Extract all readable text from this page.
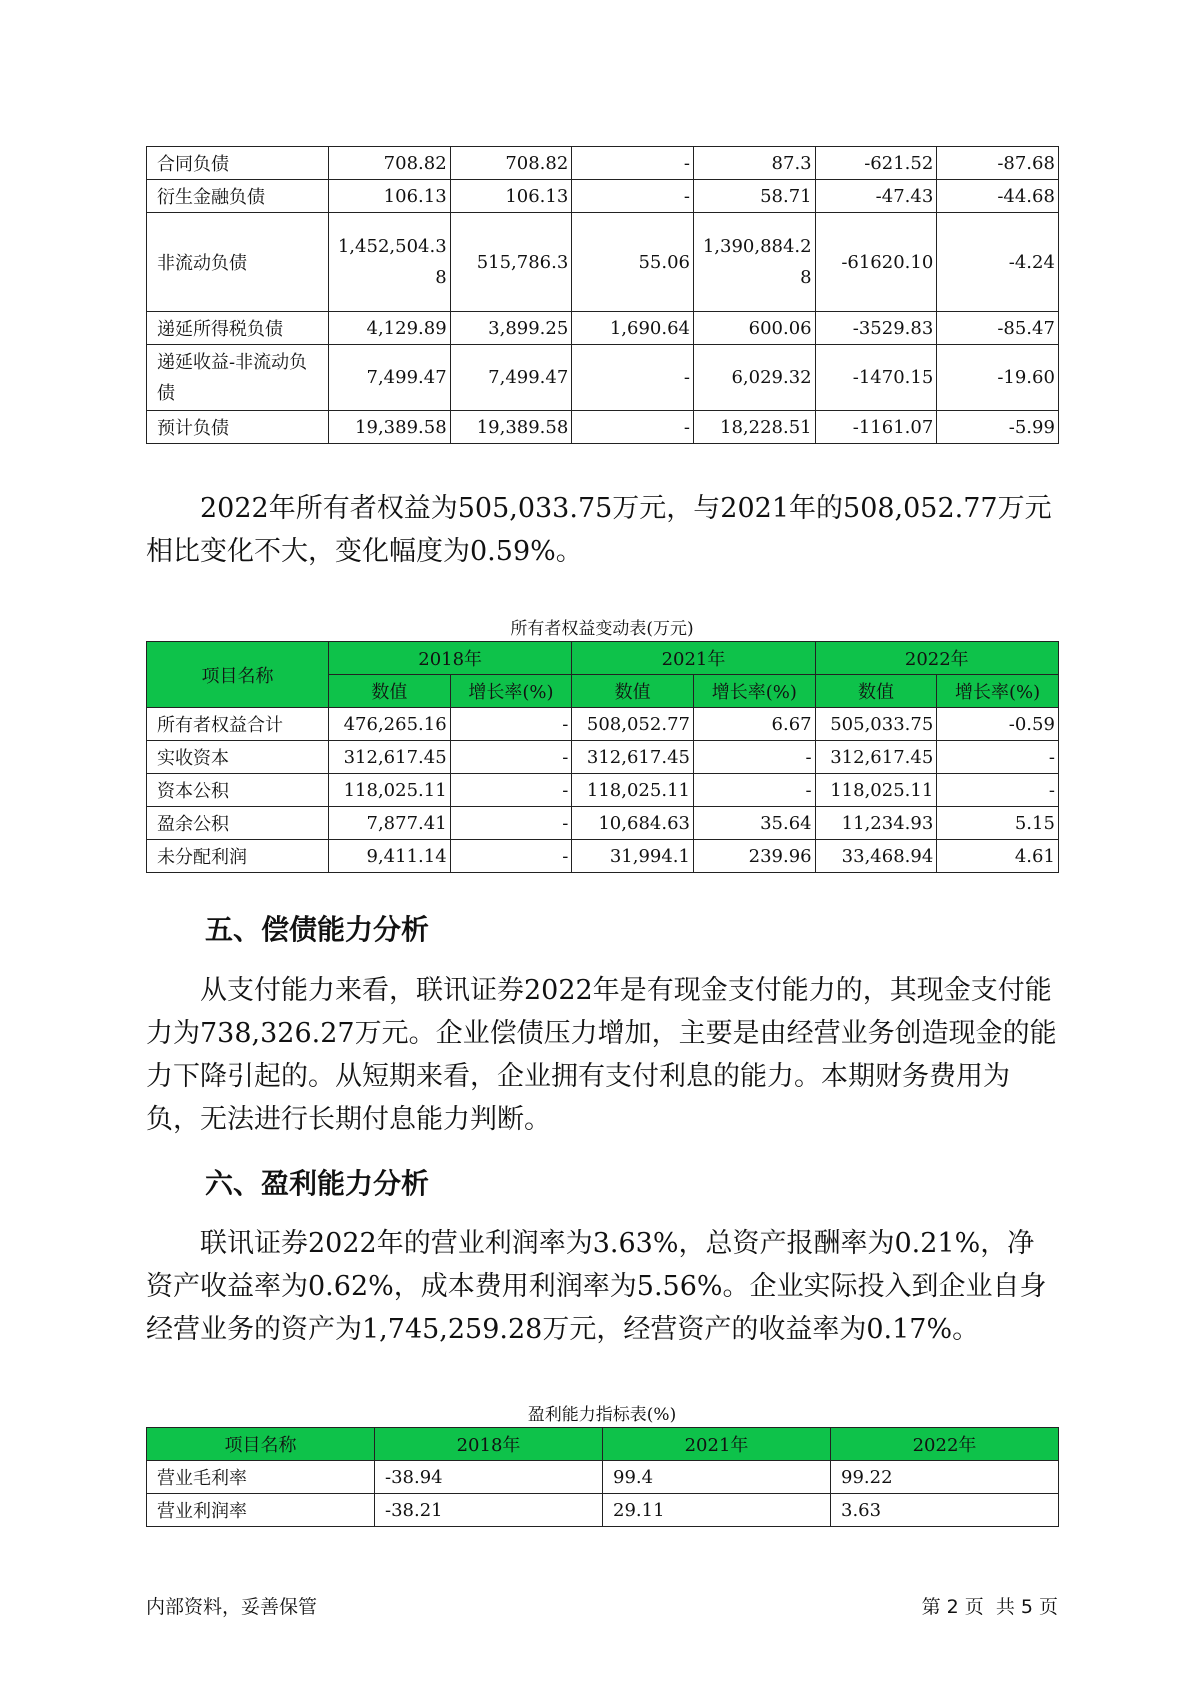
合同负债	708.82	708.82	-	87.3	-621.52	-87.68
衍生金融负债	106.13	106.13	-	58.71	-47.43	-44.68
非流动负债	1,452,504.38	515,786.3	55.06	1,390,884.28	-61620.10	-4.24
递延所得税负债	4,129.89	3,899.25	1,690.64	600.06	-3529.83	-85.47
递延收益-非流动负债	7,499.47	7,499.47	-	6,029.32	-1470.15	-19.60
预计负债	19,389.58	19,389.58	-	18,228.51	-1161.07	-5.99

2022年所有者权益为505,033.75万元，与2021年的508,052.77万元相比变化不大，变化幅度为0.59%。

所有者权益变动表(万元)

项目名称	2018年		2021年		2022年	
	数值	增长率(%)	数值	增长率(%)	数值	增长率(%)
所有者权益合计	476,265.16	-	508,052.77	6.67	505,033.75	-0.59
实收资本	312,617.45	-	312,617.45	-	312,617.45	-
资本公积	118,025.11	-	118,025.11	-	118,025.11	-
盈余公积	7,877.41	-	10,684.63	35.64	11,234.93	5.15
未分配利润	9,411.14	-	31,994.1	239.96	33,468.94	4.61
五、偿债能力分析

从支付能力来看，联讯证券2022年是有现金支付能力的，其现金支付能力为738,326.27万元。企业偿债压力增加，主要是由经营业务创造现金的能力下降引起的。从短期来看，企业拥有支付利息的能力。本期财务费用为负，无法进行长期付息能力判断。

六、盈利能力分析

联讯证券2022年的营业利润率为3.63%，总资产报酬率为0.21%，净资产收益率为0.62%，成本费用利润率为5.56%。企业实际投入到企业自身经营业务的资产为1,745,259.28万元，经营资产的收益率为0.17%。

盈利能力指标表(%)

项目名称	2018年	2021年	2022年
营业毛利率	-38.94	99.4	99.22
营业利润率	-38.21	29.11	3.63
内部资料，妥善保管	第 2 页  共 5 页
